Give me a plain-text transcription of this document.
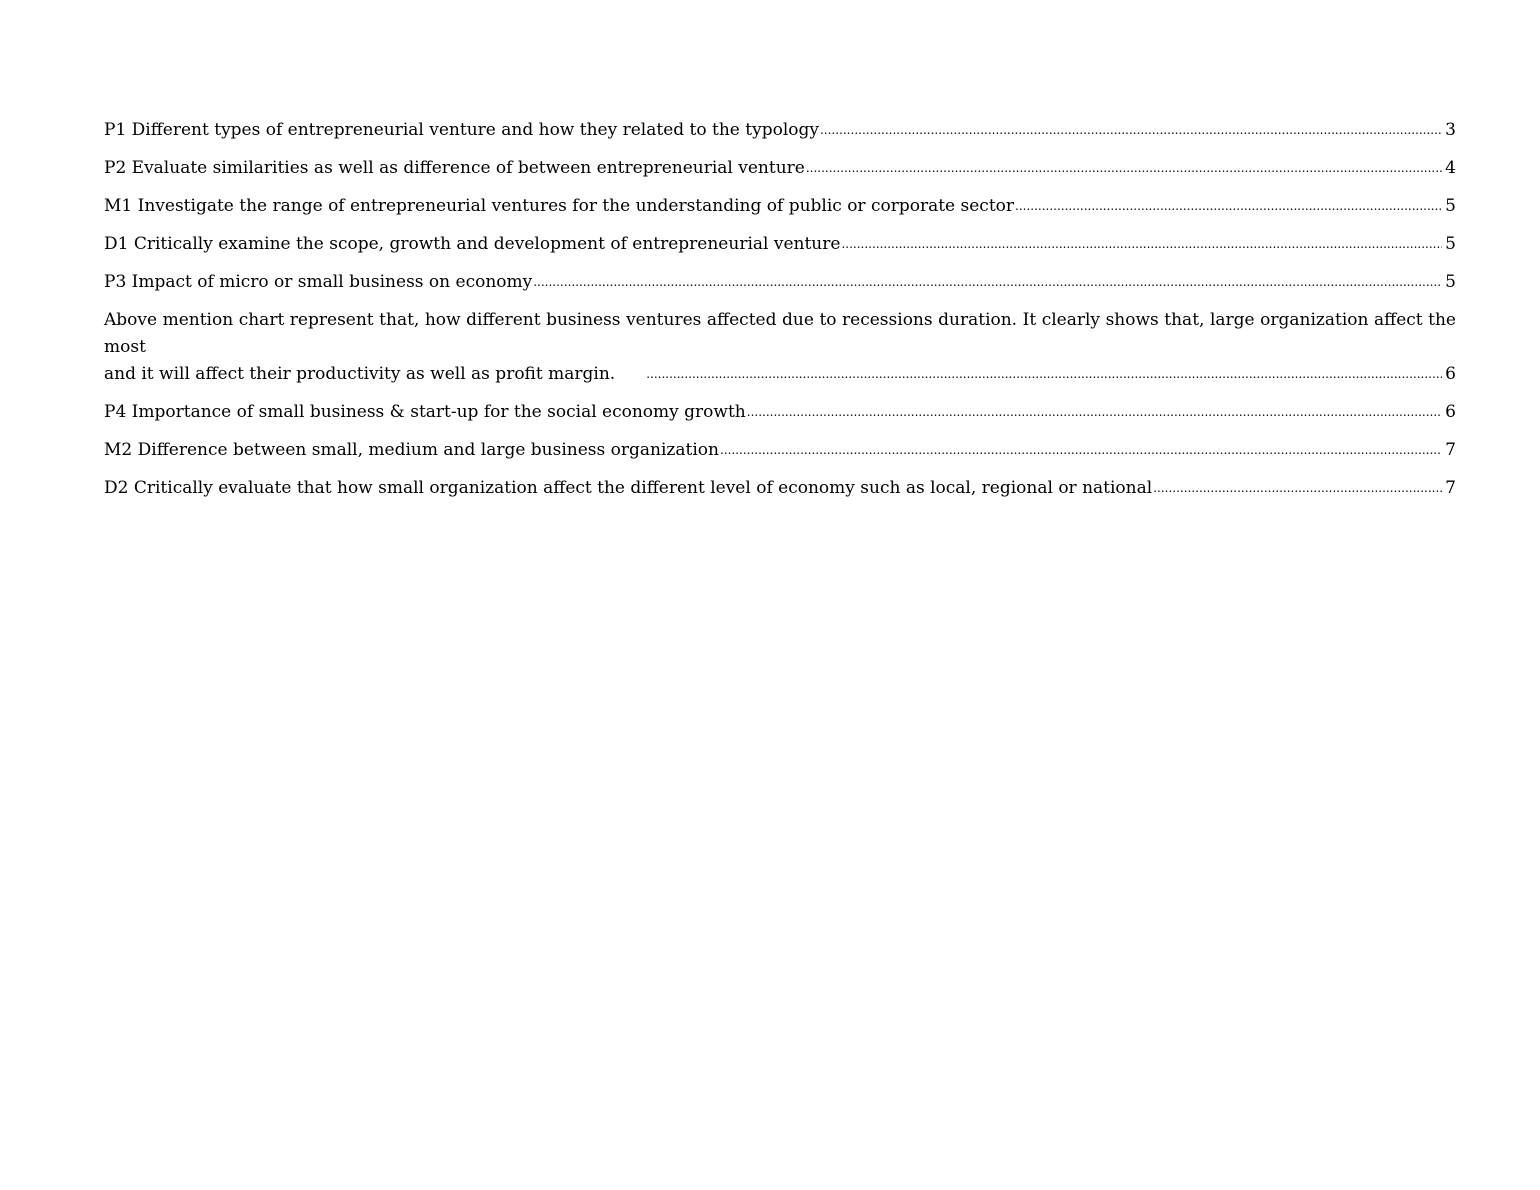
P1 Different types of entrepreneurial venture and how they related to the typology .....	3
P2 Evaluate similarities as well as difference of between entrepreneurial venture .....	4
M1 Investigate the range of entrepreneurial ventures for the understanding of public or corporate sector .....	5
D1 Critically examine the scope, growth and development of entrepreneurial venture .....	5
P3 Impact of micro or small business on economy .....	5
Above mention chart represent that, how different business ventures affected due to recessions duration. It clearly shows that, large organization affect the most
and it will affect their productivity as well as profit margin. .....	6
P4 Importance of small business & start-up for the social economy growth .....	6
M2 Difference between small, medium and large business organization .....	7
D2 Critically evaluate that how small organization affect the different level of economy such as local, regional or national .....	7
